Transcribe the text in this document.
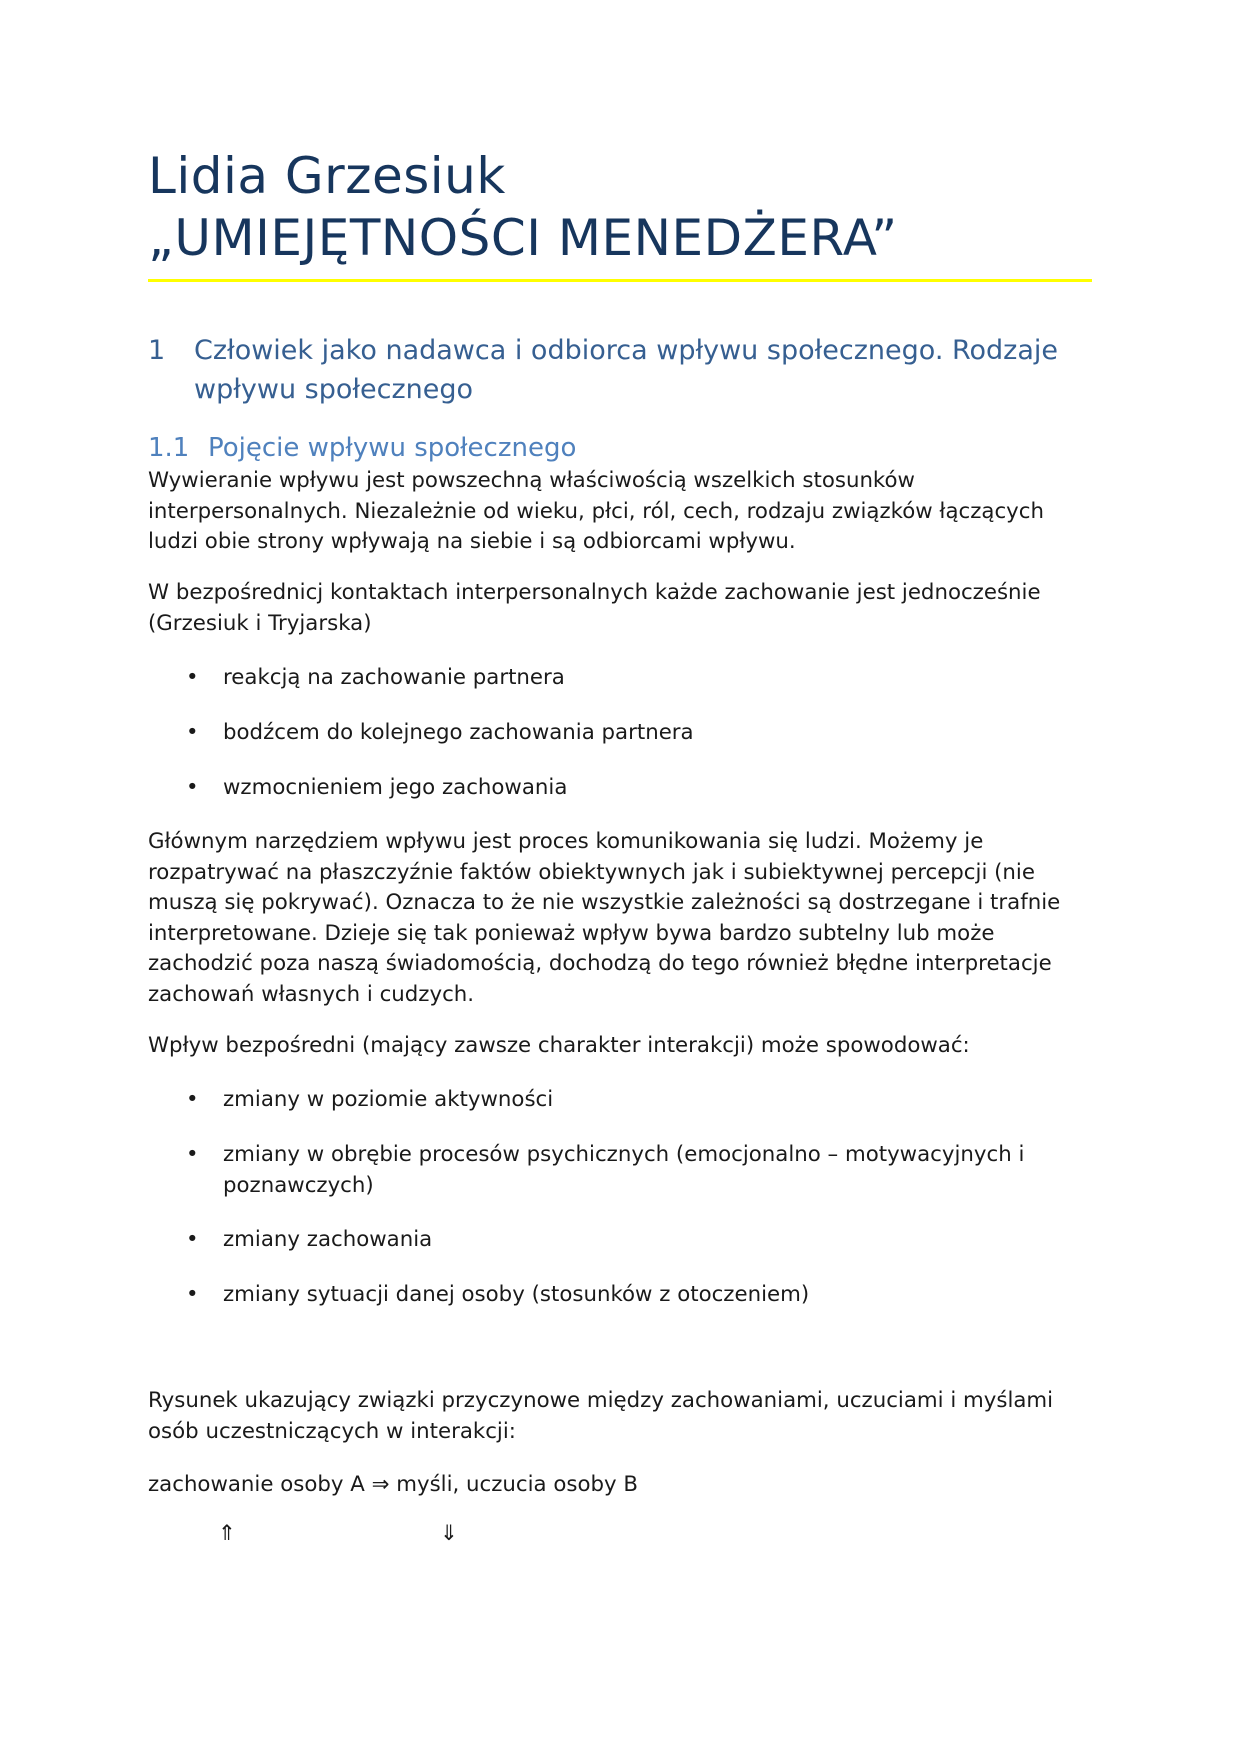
Lidia Grzesiuk
„UMIEJĘTNOŚCI MENEDŻERA”
1 Człowiek jako nadawca i odbiorca wpływu społecznego. Rodzaje wpływu społecznego
1.1 Pojęcie wpływu społecznego

Wywieranie wpływu jest powszechną właściwością wszelkich stosunków interpersonalnych. Niezależnie od wieku, płci, ról, cech, rodzaju związków łączących ludzi obie strony wpływają na siebie i są odbiorcami wpływu.

W bezpośrednicj kontaktach interpersonalnych każde zachowanie jest jednocześnie (Grzesiuk i Tryjarska)

• reakcją na zachowanie partnera
• bodźcem do kolejnego zachowania partnera
• wzmocnieniem jego zachowania

Głównym narzędziem wpływu jest proces komunikowania się ludzi. Możemy je rozpatrywać na płaszczyźnie faktów obiektywnych jak i subiektywnej percepcji (nie muszą się pokrywać). Oznacza to że nie wszystkie zależności są dostrzegane i trafnie interpretowane. Dzieje się tak ponieważ wpływ bywa bardzo subtelny lub może zachodzić poza naszą świadomością, dochodzą do tego również błędne interpretacje zachowań własnych i cudzych.

Wpływ bezpośredni (mający zawsze charakter interakcji) może spowodować:

• zmiany w poziomie aktywności
• zmiany w obrębie procesów psychicznych (emocjonalno – motywacyjnych i poznawczych)
• zmiany zachowania
• zmiany sytuacji danej osoby (stosunków z otoczeniem)

Rysunek ukazujący związki przyczynowe między zachowaniami, uczuciami i myślami osób uczestniczących w interakcji:

zachowanie osoby A ⇒ myśli, uczucia osoby B

⇑	⇓
